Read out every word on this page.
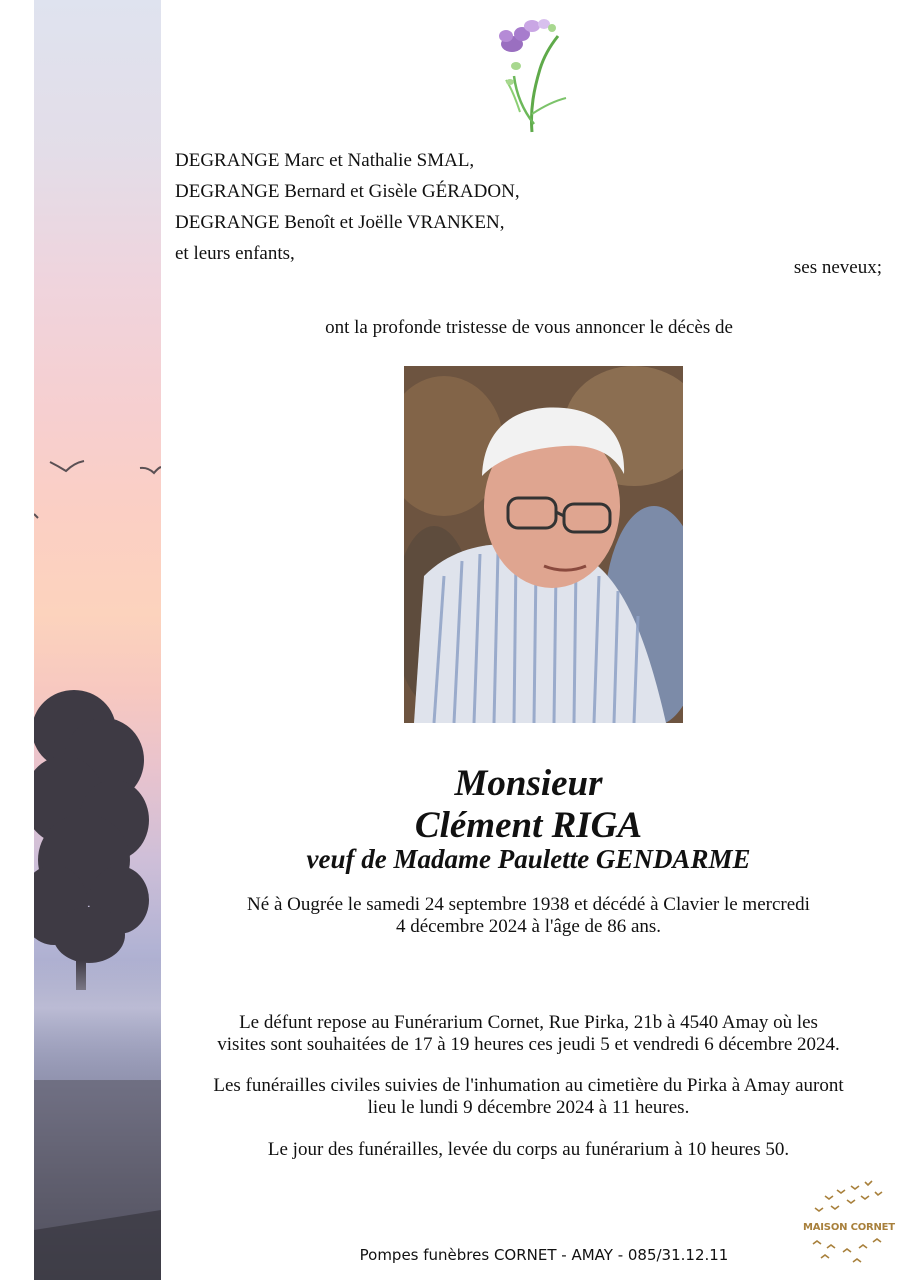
DEGRANGE Marc et Nathalie SMAL,

DEGRANGE Bernard et Gisèle GÉRADON,

DEGRANGE Benoît et Joëlle VRANKEN,

et leurs enfants,

ses neveux;

ont la profonde tristesse de vous annoncer le décès de

Monsieur
Clément RIGA
veuf de Madame Paulette GENDARME
Né à Ougrée le samedi 24 septembre 1938 et décédé à Clavier le mercredi
4 décembre 2024 à l'âge de 86 ans.
Le défunt repose au Funérarium Cornet, Rue Pirka, 21b à 4540 Amay où les
visites sont souhaitées de 17 à 19 heures ces jeudi 5 et vendredi 6 décembre 2024.
Les funérailles civiles suivies de l'inhumation au cimetière du Pirka à Amay auront
lieu le lundi 9 décembre 2024 à 11 heures.
Le jour des funérailles, levée du corps au funérarium à 10 heures 50.
Pompes funèbres CORNET - AMAY - 085/31.12.11
MAISON CORNET
